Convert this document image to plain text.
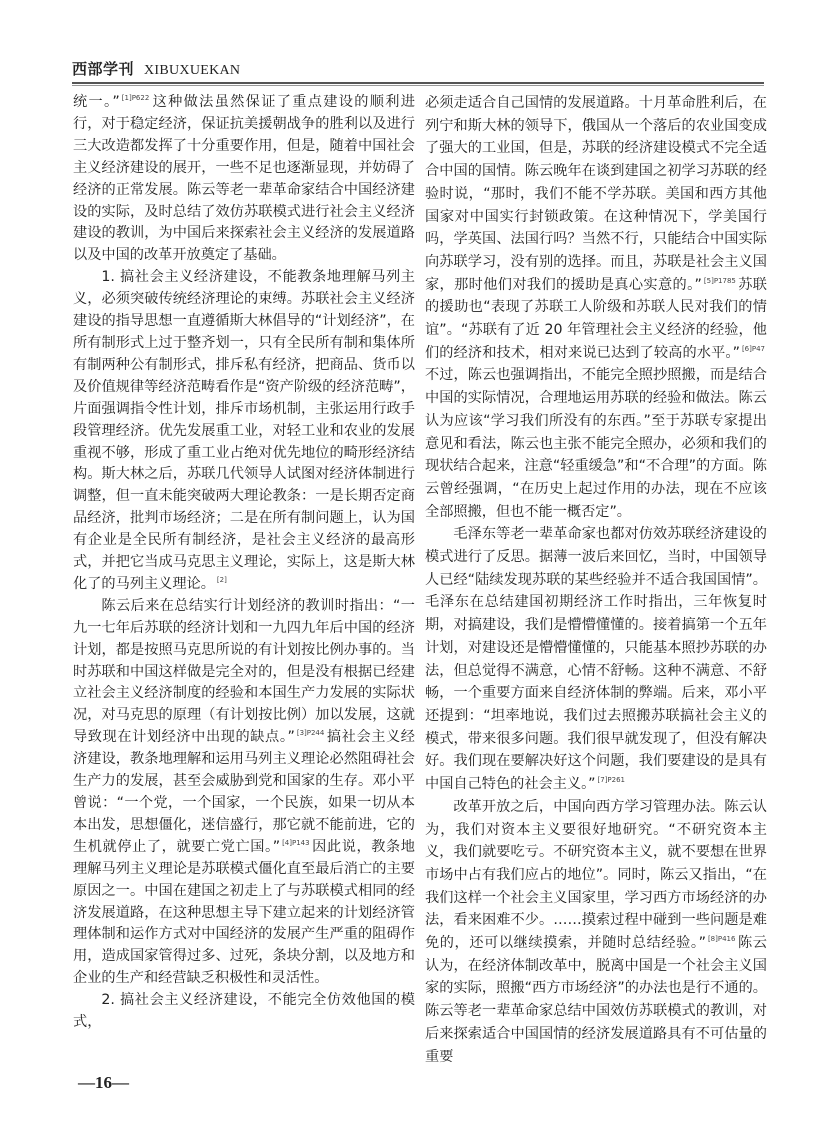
西部学刊 XIBUXUEKAN

统一。” $^{[1]P622}$ 这种做法虽然保证了重点建设的顺利进行，对于稳定经济，保证抗美援朝战争的胜利以及进行三大改造都发挥了十分重要作用，但是，随着中国社会主义经济建设的展开，一些不足也逐渐显现，并妨碍了经济的正常发展。陈云等老一辈革命家结合中国经济建设的实际，及时总结了效仿苏联模式进行社会主义经济建设的教训，为中国后来探索社会主义经济的发展道路以及中国的改革开放奠定了基础。

1. 搞社会主义经济建设，不能教条地理解马列主义，必须突破传统经济理论的束缚。苏联社会主义经济建设的指导思想一直遵循斯大林倡导的“计划经济”，在所有制形式上过于整齐划一，只有全民所有制和集体所有制两种公有制形式，排斥私有经济，把商品、货币以及价值规律等经济范畴看作是“资产阶级的经济范畴”，片面强调指令性计划，排斥市场机制，主张运用行政手段管理经济。优先发展重工业，对轻工业和农业的发展重视不够，形成了重工业占绝对优先地位的畸形经济结构。斯大林之后，苏联几代领导人试图对经济体制进行调整，但一直未能突破两大理论教条：一是长期否定商品经济，批判市场经济；二是在所有制问题上，认为国有企业是全民所有制经济，是社会主义经济的最高形式，并把它当成马克思主义理论，实际上，这是斯大林化了的马列主义理论。 [2]

陈云后来在总结实行计划经济的教训时指出：“一九一七年后苏联的经济计划和一九四九年后中国的经济计划，都是按照马克思所说的有计划按比例办事的。当时苏联和中国这样做是完全对的，但是没有根据已经建立社会主义经济制度的经验和本国生产力发展的实际状况，对马克思的原理（有计划按比例）加以发展，这就导致现在计划经济中出现的缺点。” $^{[3]P244}$ 搞社会主义经济建设，教条地理解和运用马列主义理论必然阻碍社会生产力的发展，甚至会威胁到党和国家的生存。邓小平曾说：“一个党，一个国家，一个民族，如果一切从本本出发，思想僵化，迷信盛行，那它就不能前进，它的生机就停止了，就要亡党亡国。” $^{[4]P143}$ 因此说，教条地理解马列主义理论是苏联模式僵化直至最后消亡的主要原因之一。中国在建国之初走上了与苏联模式相同的经济发展道路，在这种思想主导下建立起来的计划经济管理体制和运作方式对中国经济的发展产生严重的阻碍作用，造成国家管得过多、过死，条块分割，以及地方和企业的生产和经营缺乏积极性和灵活性。

2. 搞社会主义经济建设，不能完全仿效他国的模式，

必须走适合自己国情的发展道路。十月革命胜利后，在列宁和斯大林的领导下，俄国从一个落后的农业国变成了强大的工业国，但是，苏联的经济建设模式不完全适合中国的国情。陈云晚年在谈到建国之初学习苏联的经验时说，“那时，我们不能不学苏联。美国和西方其他国家对中国实行封锁政策。在这种情况下，学美国行吗，学英国、法国行吗？当然不行，只能结合中国实际向苏联学习，没有别的选择。而且，苏联是社会主义国家，那时他们对我们的援助是真心实意的。” $^{[5]P1785}$ 苏联的援助也“表现了苏联工人阶级和苏联人民对我们的情谊”。“苏联有了近 20 年管理社会主义经济的经验，他们的经济和技术，相对来说已达到了较高的水平。” $^{[6]P47}$不过，陈云也强调指出，不能完全照抄照搬，而是结合中国的实际情况，合理地运用苏联的经验和做法。陈云认为应该“学习我们所没有的东西。”至于苏联专家提出意见和看法，陈云也主张不能完全照办，必须和我们的现状结合起来，注意“轻重缓急”和“不合理”的方面。陈云曾经强调，“在历史上起过作用的办法，现在不应该全部照搬，但也不能一概否定”。

毛泽东等老一辈革命家也都对仿效苏联经济建设的模式进行了反思。据薄一波后来回忆，当时，中国领导人已经“陆续发现苏联的某些经验并不适合我国国情”。毛泽东在总结建国初期经济工作时指出，三年恢复时期，对搞建设，我们是懵懵懂懂的。接着搞第一个五年计划，对建设还是懵懵懂懂的，只能基本照抄苏联的办法，但总觉得不满意，心情不舒畅。这种不满意、不舒畅，一个重要方面来自经济体制的弊端。后来，邓小平还提到：“坦率地说，我们过去照搬苏联搞社会主义的模式，带来很多问题。我们很早就发现了，但没有解决好。我们现在要解决好这个问题，我们要建设的是具有中国自己特色的社会主义。” $^{[7]P261}$

改革开放之后，中国向西方学习管理办法。陈云认为，我们对资本主义要很好地研究。“不研究资本主义，我们就要吃亏。不研究资本主义，就不要想在世界市场中占有我们应占的地位”。同时，陈云又指出，“在我们这样一个社会主义国家里，学习西方市场经济的办法，看来困难不少。……摸索过程中碰到一些问题是难免的，还可以继续摸索，并随时总结经验。” $^{[8]P416}$ 陈云认为，在经济体制改革中，脱离中国是一个社会主义国家的实际，照搬“西方市场经济”的办法也是行不通的。陈云等老一辈革命家总结中国效仿苏联模式的教训，对后来探索适合中国国情的经济发展道路具有不可估量的重要

—16—
